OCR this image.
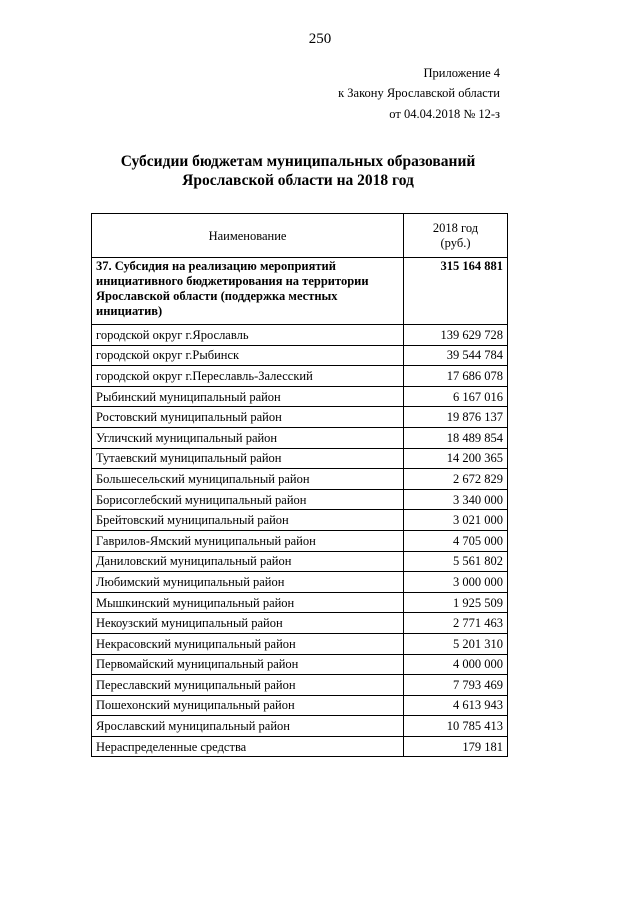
250
Приложение 4
к Закону Ярославской области
от 04.04.2018 № 12-з
Субсидии бюджетам муниципальных образований
Ярославской области на 2018 год
Наименование	2018 год
(руб.)

37. Субсидия на реализацию мероприятий инициативного бюджетирования на территории Ярославской области (поддержка местных инициатив)	315 164 881
городской округ г.Ярославль	139 629 728
городской округ г.Рыбинск	39 544 784
городской округ г.Переславль-Залесский	17 686 078
Рыбинский муниципальный район	6 167 016
Ростовский муниципальный район	19 876 137
Угличский муниципальный район	18 489 854
Тутаевский муниципальный район	14 200 365
Большесельский муниципальный район	2 672 829
Борисоглебский муниципальный район	3 340 000
Брейтовский муниципальный район	3 021 000
Гаврилов-Ямский муниципальный район	4 705 000
Даниловский муниципальный район	5 561 802
Любимский муниципальный район	3 000 000
Мышкинский муниципальный район	1 925 509
Некоузский муниципальный район	2 771 463
Некрасовский муниципальный район	5 201 310
Первомайский муниципальный район	4 000 000
Переславский муниципальный район	7 793 469
Пошехонский муниципальный район	4 613 943
Ярославский муниципальный район	10 785 413
Нераспределенные средства	179 181
